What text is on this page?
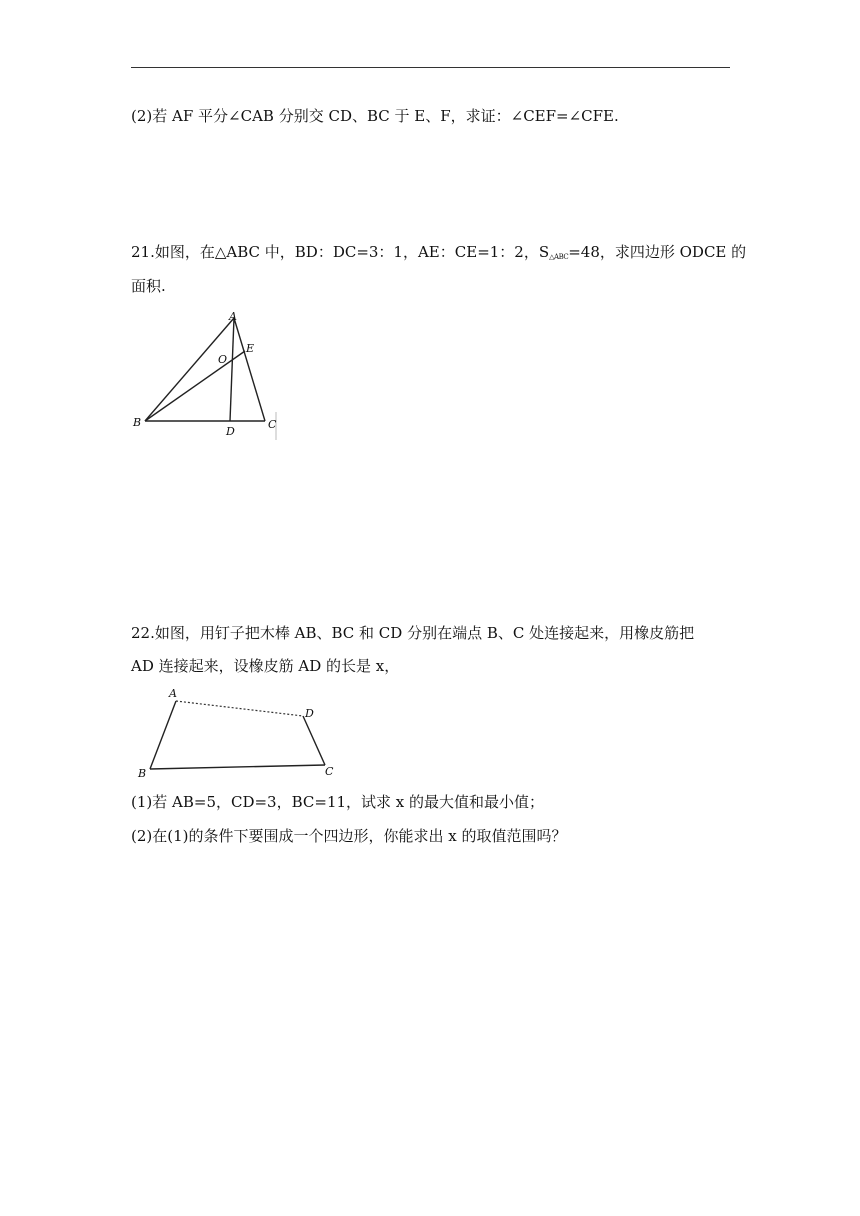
(2)若 AF 平分∠CAB 分别交 CD、BC 于 E、F，求证：∠CEF=∠CFE.
21.如图，在△ABC 中，BD：DC=3：1，AE：CE=1：2，$S_{\triangle ABC}=48$，求四边形 ODCE 的
面积.
A
E
O
B
D
C
22.如图，用钉子把木棒 AB、BC 和 CD 分别在端点 B、C 处连接起来，用橡皮筋把
AD 连接起来，设橡皮筋 AD 的长是 x，
A
D
B	C
(1)若 AB=5，CD=3，BC=11，试求 x 的最大值和最小值；
(2)在(1)的条件下要围成一个四边形，你能求出 x 的取值范围吗？
